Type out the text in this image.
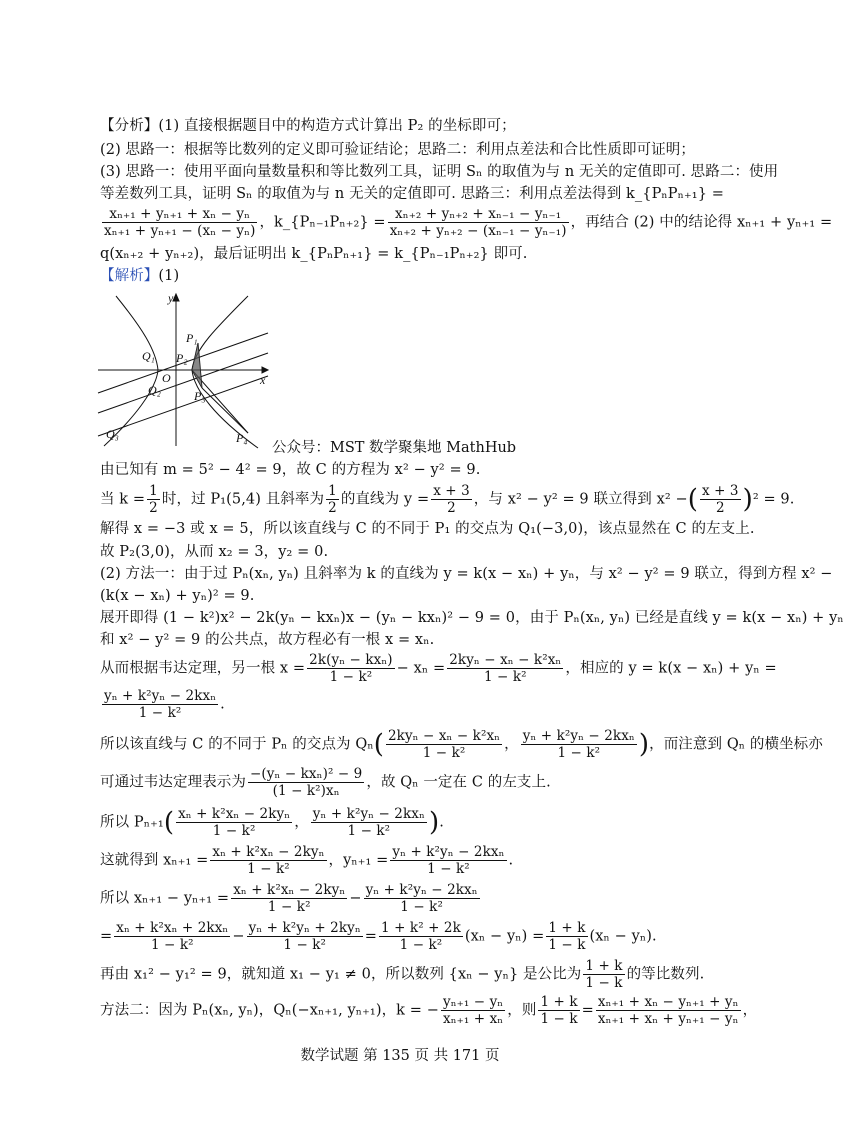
【分析】(1) 直接根据题目中的构造方式计算出 P₂ 的坐标即可；
(2) 思路一：根据等比数列的定义即可验证结论；思路二：利用点差法和合比性质即可证明；
(3) 思路一：使用平面向量数量积和等比数列工具，证明 Sₙ 的取值为与 n 无关的定值即可. 思路二：使用
等差数列工具，证明 Sₙ 的取值为与 n 无关的定值即可. 思路三：利用点差法得到 k_{PₙPₙ₊₁} =
$\frac{\text{xₙ₊₁ + yₙ₊₁ + xₙ − yₙ}}{\text{xₙ₊₁ + yₙ₊₁ − (xₙ − yₙ)}}$ ，k_{Pₙ₋₁Pₙ₊₂} = $\frac{\text{xₙ₊₂ + yₙ₊₂ + xₙ₋₁ − yₙ₋₁}}{\text{xₙ₊₂ + yₙ₊₂ − (xₙ₋₁ − yₙ₋₁)}}$ ，再结合 (2) 中的结论得 xₙ₊₁ + yₙ₊₁ =
q(xₙ₊₂ + yₙ₊₂)，最后证明出 k_{PₙPₙ₊₁} = k_{Pₙ₋₁Pₙ₊₂} 即可.
【解析】(1)
y
x
O
P₁
P₂
P₃
P₄
Q₁
Q₂
Q₃
公众号：MST 数学聚集地 MathHub
由已知有 m = 5² − 4² = 9，故 C 的方程为 x² − y² = 9.
当 $k = \frac{1}{2}$ 时，过 P₁(5,4) 且斜率为 $\frac{1}{2}$ 的直线为 $y = \frac{x + 3}{2}$ ，与 x² − y² = 9 联立得到 x² −( $\frac{x + 3}{2} )^2 = 9$.
解得 x = −3 或 x = 5，所以该直线与 C 的不同于 P₁ 的交点为 Q₁(−3,0)，该点显然在 C 的左支上.
故 P₂(3,0)，从而 x₂ = 3，y₂ = 0.
(2) 方法一：由于过 Pₙ(xₙ, yₙ) 且斜率为 k 的直线为 y = k(x − xₙ) + yₙ，与 x² − y² = 9 联立，得到方程 x² −
(k(x − xₙ) + yₙ)² = 9.
展开即得 (1 − k²)x² − 2k(yₙ − kxₙ)x − (yₙ − kxₙ)² − 9 = 0，由于 Pₙ(xₙ, yₙ) 已经是直线 y = k(x − xₙ) + yₙ
和 x² − y² = 9 的公共点，故方程必有一根 x = xₙ.
从而根据韦达定理，另一根 $x = \frac{\text{2k(yₙ − kxₙ)}}{\text{1 − k²}} - x_n = \frac{\text{2kyₙ − xₙ − k²xₙ}}{\text{1 − k²}}$ ，相应的 y = k(x − xₙ) + yₙ =
$\frac{\text{yₙ + k²yₙ − 2kxₙ}}{\text{1 − k²}}$ .
所以该直线与 C 的不同于 Pₙ 的交点为 $Q_n( \frac{\text{2kyₙ − xₙ − k²xₙ}}{\text{1 − k²}}$ ， $\frac{\text{yₙ + k²yₙ − 2kxₙ}}{\text{1 − k²}}$ )，而注意到 Qₙ 的横坐标亦
可通过韦达定理表示为 $\frac{\text{−(yₙ − kxₙ)² − 9}}{\text{(1 − k²)xₙ}}$ ，故 Qₙ 一定在 C 的左支上.
所以 $P_{n+1}( \frac{\text{xₙ + k²xₙ − 2kyₙ}}{\text{1 − k²}}$ ， $\frac{\text{yₙ + k²yₙ − 2kxₙ}}{\text{1 − k²}}$ ).
这就得到 $x_{n+1} = \frac{\text{xₙ + k²xₙ − 2kyₙ}}{\text{1 − k²}}$ ，$y_{n+1} = \frac{\text{yₙ + k²yₙ − 2kxₙ}}{\text{1 − k²}}$ .
所以 $x_{n+1} - y_{n+1} = \frac{\text{xₙ + k²xₙ − 2kyₙ}}{\text{1 − k²}} - \frac{\text{yₙ + k²yₙ − 2kxₙ}}{\text{1 − k²}}$
= $\frac{\text{xₙ + k²xₙ + 2kxₙ}}{\text{1 − k²}} - \frac{\text{yₙ + k²yₙ + 2kyₙ}}{\text{1 − k²}} = \frac{\text{1 + k² + 2k}}{\text{1 − k²}} (x_n - y_n) = \frac{1 + k}{1 - k} (x_n - y_n)$.
再由 x₁² − y₁² = 9，就知道 x₁ − y₁ ≠ 0，所以数列 {xₙ − yₙ} 是公比为 $\frac{1 + k}{1 - k}$ 的等比数列.
方法二：因为 Pₙ(xₙ, yₙ)，Qₙ(−xₙ₊₁, yₙ₊₁)，k = − $\frac{\text{yₙ₊₁ − yₙ}}{\text{xₙ₊₁ + xₙ}}$ ，则 $\frac{1 + k}{1 - k} = \frac{\text{xₙ₊₁ + xₙ − yₙ₊₁ + yₙ}}{\text{xₙ₊₁ + xₙ + yₙ₊₁ − yₙ}}$ ，
数学试题 第 135 页 共 171 页
